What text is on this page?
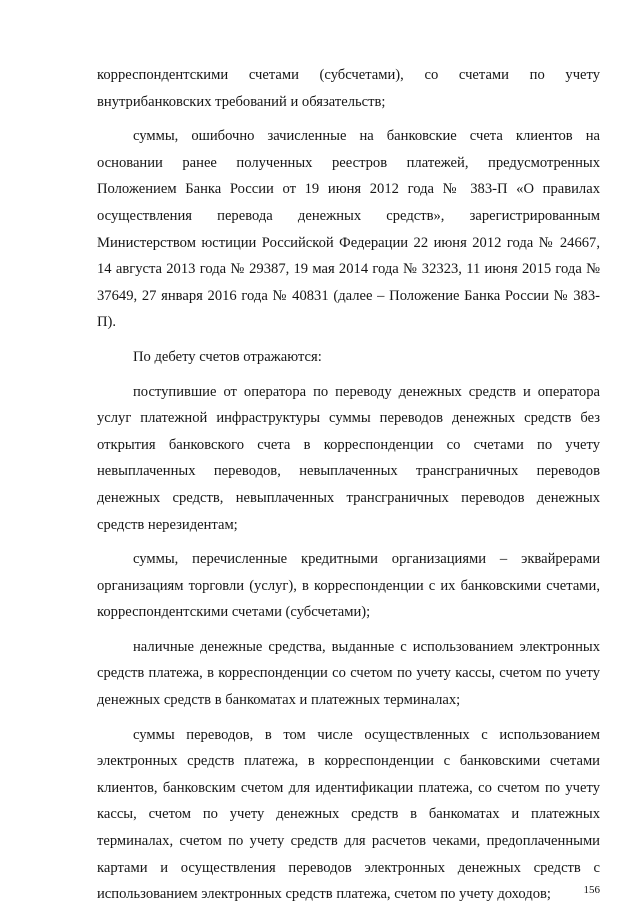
корреспондентскими счетами (субсчетами), со счетами по учету внутрибанковских требований и обязательств;

суммы, ошибочно зачисленные на банковские счета клиентов на основании ранее полученных реестров платежей, предусмотренных Положением Банка России от 19 июня 2012 года № 383-П «О правилах осуществления перевода денежных средств», зарегистрированным Министерством юстиции Российской Федерации 22 июня 2012 года № 24667, 14 августа 2013 года № 29387, 19 мая 2014 года № 32323, 11 июня 2015 года № 37649, 27 января 2016 года № 40831 (далее – Положение Банка России № 383-П).

По дебету счетов отражаются:

поступившие от оператора по переводу денежных средств и оператора услуг платежной инфраструктуры суммы переводов денежных средств без открытия банковского счета в корреспонденции со счетами по учету невыплаченных переводов, невыплаченных трансграничных переводов денежных средств, невыплаченных трансграничных переводов денежных средств нерезидентам;

суммы, перечисленные кредитными организациями – эквайрерами организациям торговли (услуг), в корреспонденции с их банковскими счетами, корреспондентскими счетами (субсчетами);

наличные денежные средства, выданные с использованием электронных средств платежа, в корреспонденции со счетом по учету кассы, счетом по учету денежных средств в банкоматах и платежных терминалах;

суммы переводов, в том числе осуществленных с использованием электронных средств платежа, в корреспонденции с банковскими счетами клиентов, банковским счетом для идентификации платежа, со счетом по учету кассы, счетом по учету денежных средств в банкоматах и платежных терминалах, счетом по учету средств для расчетов чеками, предоплаченными картами и осуществления переводов электронных денежных средств с использованием электронных средств платежа, счетом по учету доходов;	156
